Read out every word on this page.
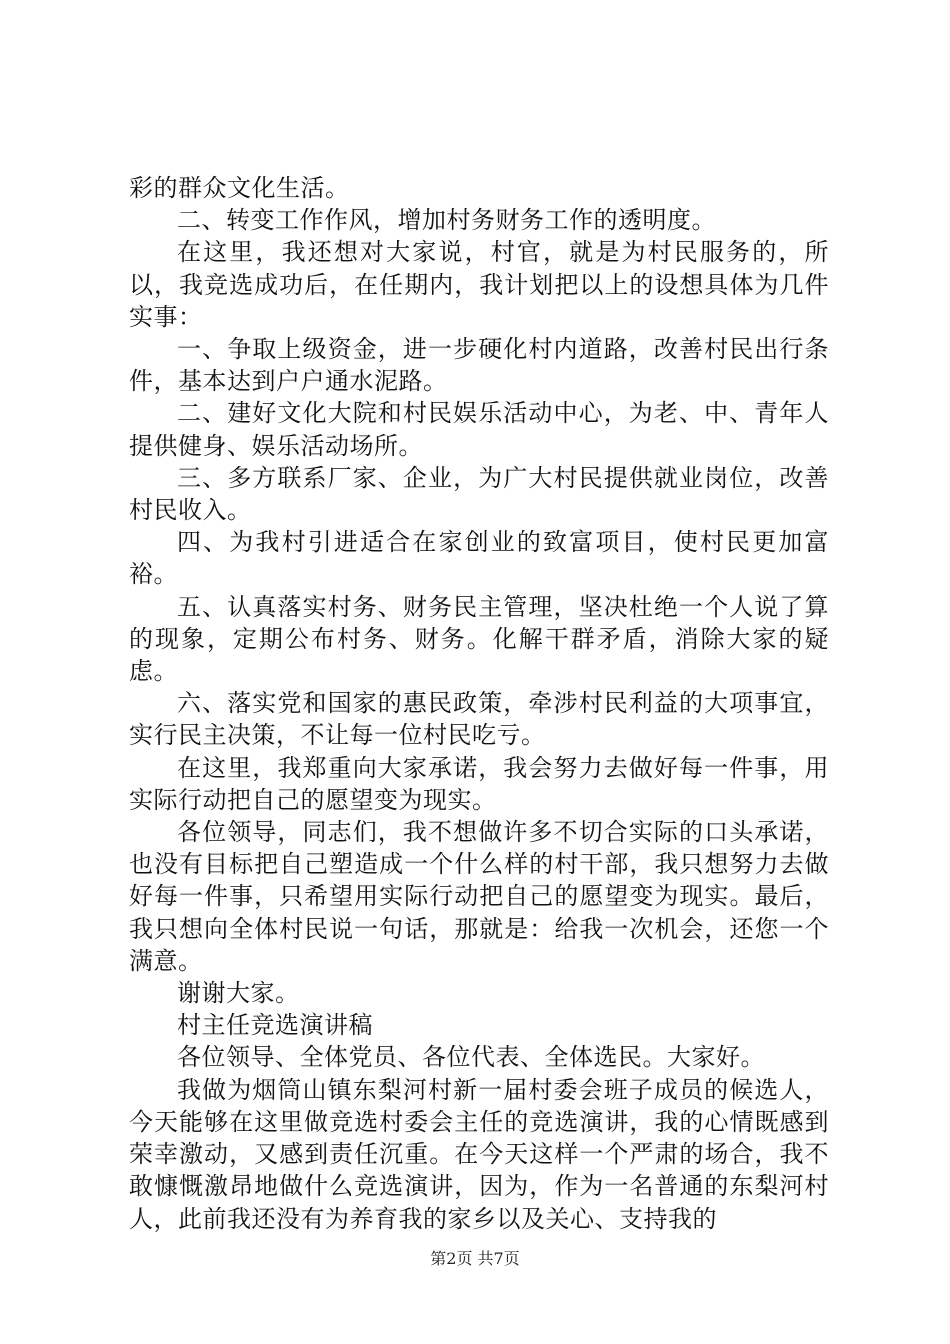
彩的群众文化生活。

二、转变工作作风，增加村务财务工作的透明度。

在这里，我还想对大家说，村官，就是为村民服务的，所以，我竞选成功后，在任期内，我计划把以上的设想具体为几件实事：

一、争取上级资金，进一步硬化村内道路，改善村民出行条件，基本达到户户通水泥路。

二、建好文化大院和村民娱乐活动中心，为老、中、青年人提供健身、娱乐活动场所。

三、多方联系厂家、企业，为广大村民提供就业岗位，改善村民收入。

四、为我村引进适合在家创业的致富项目，使村民更加富裕。

五、认真落实村务、财务民主管理，坚决杜绝一个人说了算的现象，定期公布村务、财务。化解干群矛盾，消除大家的疑虑。

六、落实党和国家的惠民政策，牵涉村民利益的大项事宜，实行民主决策，不让每一位村民吃亏。

在这里，我郑重向大家承诺，我会努力去做好每一件事，用实际行动把自己的愿望变为现实。

各位领导，同志们，我不想做许多不切合实际的口头承诺，也没有目标把自己塑造成一个什么样的村干部，我只想努力去做好每一件事，只希望用实际行动把自己的愿望变为现实。最后，我只想向全体村民说一句话，那就是：给我一次机会，还您一个满意。

谢谢大家。

村主任竞选演讲稿

各位领导、全体党员、各位代表、全体选民。大家好。

我做为烟筒山镇东梨河村新一届村委会班子成员的候选人，今天能够在这里做竞选村委会主任的竞选演讲，我的心情既感到荣幸激动，又感到责任沉重。在今天这样一个严肃的场合，我不敢慷慨激昂地做什么竞选演讲，因为，作为一名普通的东梨河村人，此前我还没有为养育我的家乡以及关心、支持我的

第2页 共7页
